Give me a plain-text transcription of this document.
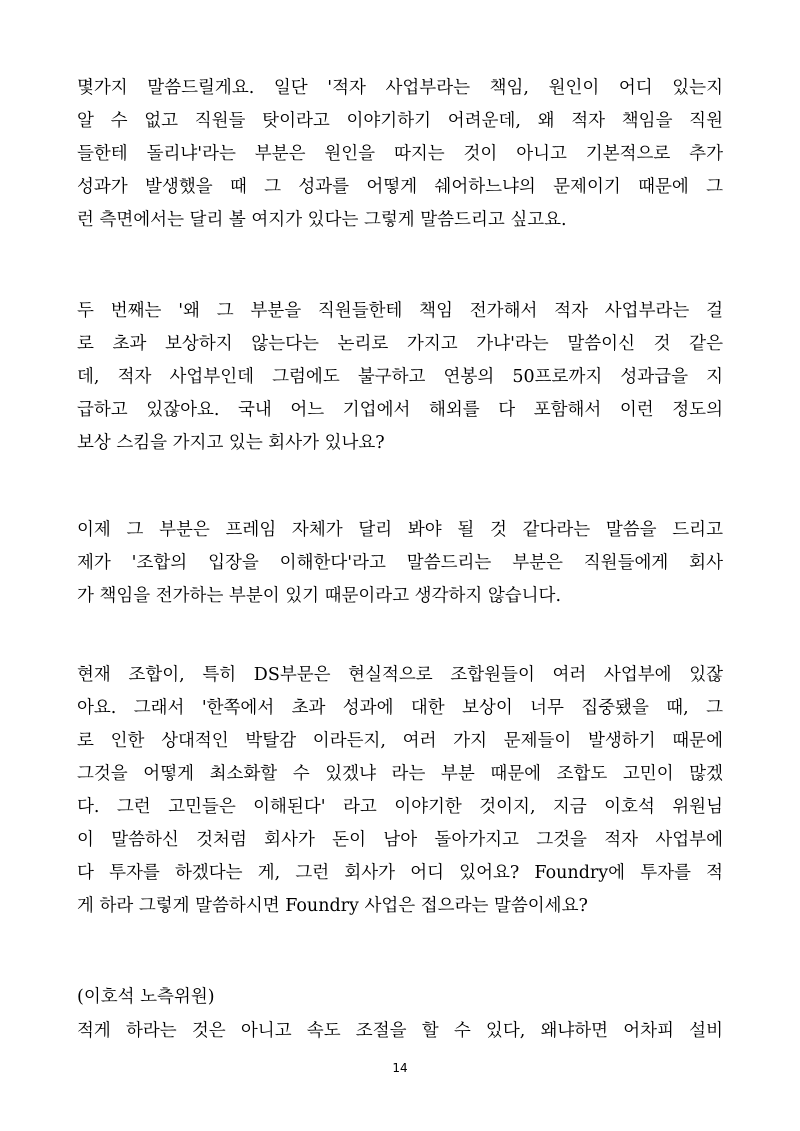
몇가지 말씀드릴게요. 일단 '적자 사업부라는 책임, 원인이 어디 있는지
알 수 없고 직원들 탓이라고 이야기하기 어려운데, 왜 적자 책임을 직원
들한테 돌리냐'라는 부분은 원인을 따지는 것이 아니고 기본적으로 추가
성과가 발생했을 때 그 성과를 어떻게 쉐어하느냐의 문제이기 때문에 그
런 측면에서는 달리 볼 여지가 있다는 그렇게 말씀드리고 싶고요.
두 번째는 '왜 그 부분을 직원들한테 책임 전가해서 적자 사업부라는 걸
로 초과 보상하지 않는다는 논리로 가지고 가냐'라는 말씀이신 것 같은
데, 적자 사업부인데 그럼에도 불구하고 연봉의 50프로까지 성과급을 지
급하고 있잖아요. 국내 어느 기업에서 해외를 다 포함해서 이런 정도의
보상 스킴을 가지고 있는 회사가 있나요?
이제 그 부분은 프레임 자체가 달리 봐야 될 것 같다라는 말씀을 드리고
제가 '조합의 입장을 이해한다'라고 말씀드리는 부분은 직원들에게 회사
가 책임을 전가하는 부분이 있기 때문이라고 생각하지 않습니다.
현재 조합이, 특히 DS부문은 현실적으로 조합원들이 여러 사업부에 있잖
아요. 그래서 '한쪽에서 초과 성과에 대한 보상이 너무 집중됐을 때, 그
로 인한 상대적인 박탈감 이라든지, 여러 가지 문제들이 발생하기 때문에
그것을 어떻게 최소화할 수 있겠냐 라는 부분 때문에 조합도 고민이 많겠
다. 그런 고민들은 이해된다' 라고 이야기한 것이지, 지금 이호석 위원님
이 말씀하신 것처럼 회사가 돈이 남아 돌아가지고 그것을 적자 사업부에
다 투자를 하겠다는 게, 그런 회사가 어디 있어요? Foundry에 투자를 적
게 하라 그렇게 말씀하시면 Foundry 사업은 접으라는 말씀이세요?
(이호석 노측위원)
적게 하라는 것은 아니고 속도 조절을 할 수 있다, 왜냐하면 어차피 설비
14
